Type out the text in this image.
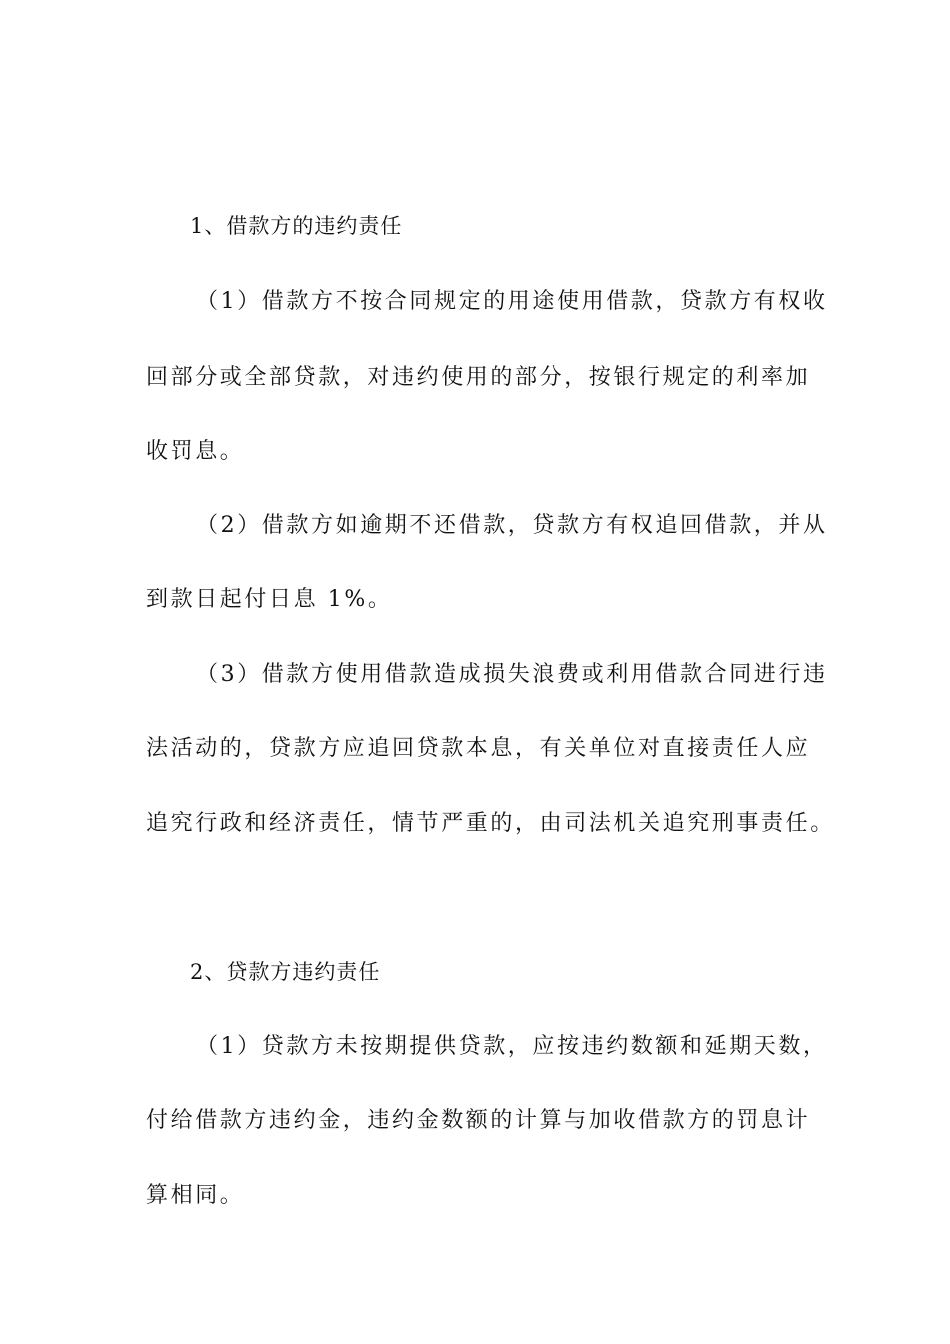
1、借款方的违约责任
（1）借款方不按合同规定的用途使用借款，贷款方有权收
回部分或全部贷款，对违约使用的部分，按银行规定的利率加
收罚息。
（2）借款方如逾期不还借款，贷款方有权追回借款，并从
到款日起付日息 1%。
（3）借款方使用借款造成损失浪费或利用借款合同进行违
法活动的，贷款方应追回贷款本息，有关单位对直接责任人应
追究行政和经济责任，情节严重的，由司法机关追究刑事责任。
2、贷款方违约责任
（1）贷款方未按期提供贷款，应按违约数额和延期天数，
付给借款方违约金，违约金数额的计算与加收借款方的罚息计
算相同。
